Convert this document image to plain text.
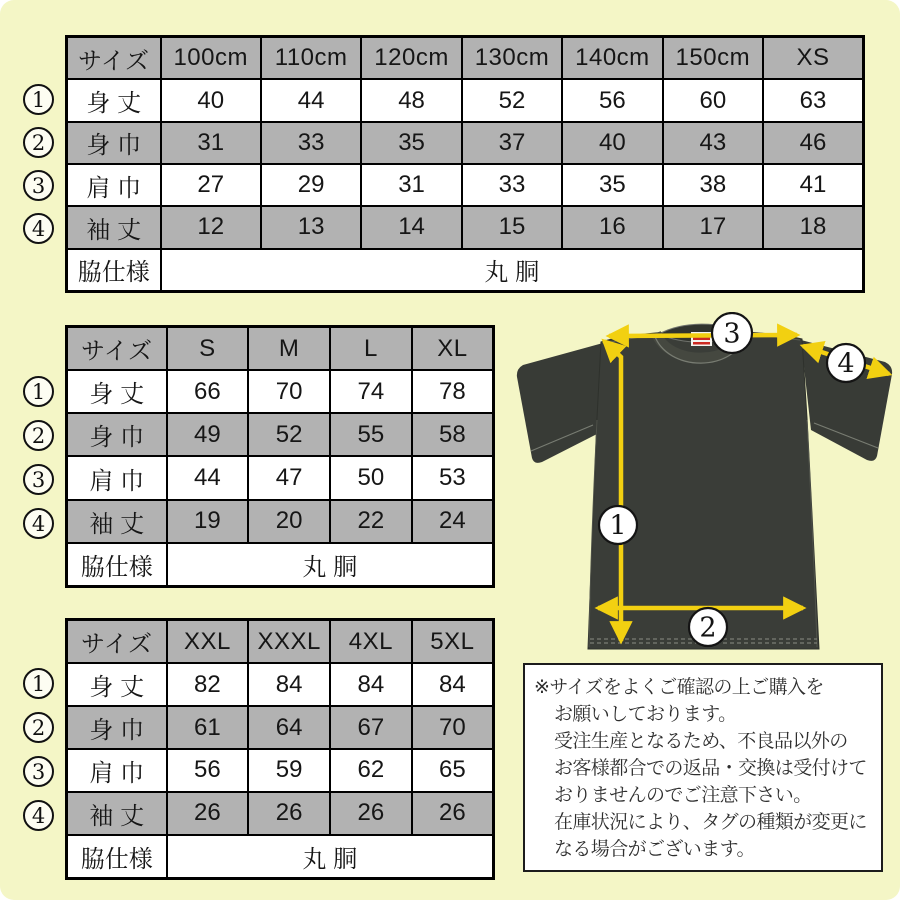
サイズ	100cm	110cm	120cm	130cm	140cm	150cm	XS
身 丈	40	44	48	52	56	60	63
身 巾	31	33	35	37	40	43	46
肩 巾	27	29	31	33	35	38	41
袖 丈	12	13	14	15	16	17	18
脇仕様	丸 胴						
サイズ	S	M	L	XL
身 丈	66	70	74	78
身 巾	49	52	55	58
肩 巾	44	47	50	53
袖 丈	19	20	22	24
脇仕様	丸 胴			
サイズ	XXL	XXXL	4XL	5XL
身 丈	82	84	84	84
身 巾	61	64	67	70
肩 巾	56	59	62	65
袖 丈	26	26	26	26
脇仕様	丸 胴			
1
2
3
4
1
2
3
4
1
2
3
4
1
2
3
4
※サイズをよくご確認の上ご購入を
お願いしております。
受注生産となるため、不良品以外の
お客様都合での返品・交換は受付けて
おりませんのでご注意下さい。
在庫状況により、タグの種類が変更に
なる場合がございます。
